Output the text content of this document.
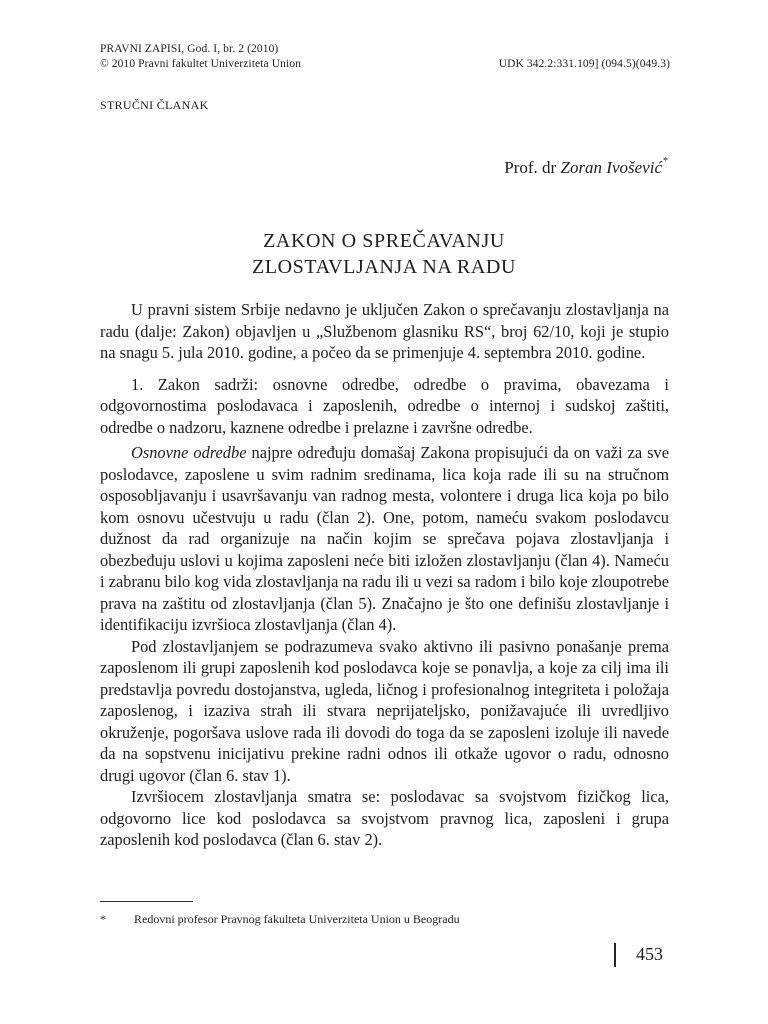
PRAVNI ZAPISI, God. I, br. 2 (2010)
© 2010 Pravni fakultet Univerziteta Union	UDK 342.2:331.109] (094.5)(049.3)
STRUČNI ČLANAK
Prof. dr Zoran Ivošević*
ZAKON O SPREČAVANJU
ZLOSTAVLJANJA NA RADU

U pravni sistem Srbije nedavno je uključen Zakon o sprečavanju zlostavljanja na radu (dalje: Zakon) objavljen u „Službenom glasniku RS“, broj 62/10, koji je stupio na snagu 5. jula 2010. godine, a počeo da se primenjuje 4. septembra 2010. godine.

1. Zakon sadrži: osnovne odredbe, odredbe o pravima, obavezama i odgovornostima poslodavaca i zaposlenih, odredbe o internoj i sudskoj zaštiti, odredbe o nadzoru, kaznene odredbe i prelazne i završne odredbe.

Osnovne odredbe najpre određuju domašaj Zakona propisujući da on važi za sve poslodavce, zaposlene u svim radnim sredinama, lica koja rade ili su na stručnom osposobljavanju i usavršavanju van radnog mesta, volontere i druga lica koja po bilo kom osnovu učestvuju u radu (član 2). One, potom, nameću svakom poslodavcu dužnost da rad organizuje na način kojim se sprečava pojava zlostavljanja i obezbeđuju uslovi u kojima zaposleni neće biti izložen zlostavljanju (član 4). Nameću i zabranu bilo kog vida zlostavljanja na radu ili u vezi sa radom i bilo koje zloupotrebe prava na zaštitu od zlostavljanja (član 5). Značajno je što one definišu zlostavljanje i identifikaciju izvršioca zlostavljanja (član 4).

Pod zlostavljanjem se podrazumeva svako aktivno ili pasivno ponašanje prema zaposlenom ili grupi zaposlenih kod poslodavca koje se ponavlja, a koje za cilj ima ili predstavlja povredu dostojanstva, ugleda, ličnog i profesionalnog integriteta i položaja zaposlenog, i izaziva strah ili stvara neprijateljsko, ponižavajuće ili uvredljivo okruženje, pogoršava uslove rada ili dovodi do toga da se zaposleni izoluje ili navede da na sopstvenu inicijativu prekine radni odnos ili otkaže ugovor o radu, odnosno drugi ugovor (član 6. stav 1).

Izvršiocem zlostavljanja smatra se: poslodavac sa svojstvom fizičkog lica, odgovorno lice kod poslodavca sa svojstvom pravnog lica, zaposleni i grupa zaposlenih kod poslodavca (član 6. stav 2).

* Redovni profesor Pravnog fakulteta Univerziteta Union u Beogradu
453
